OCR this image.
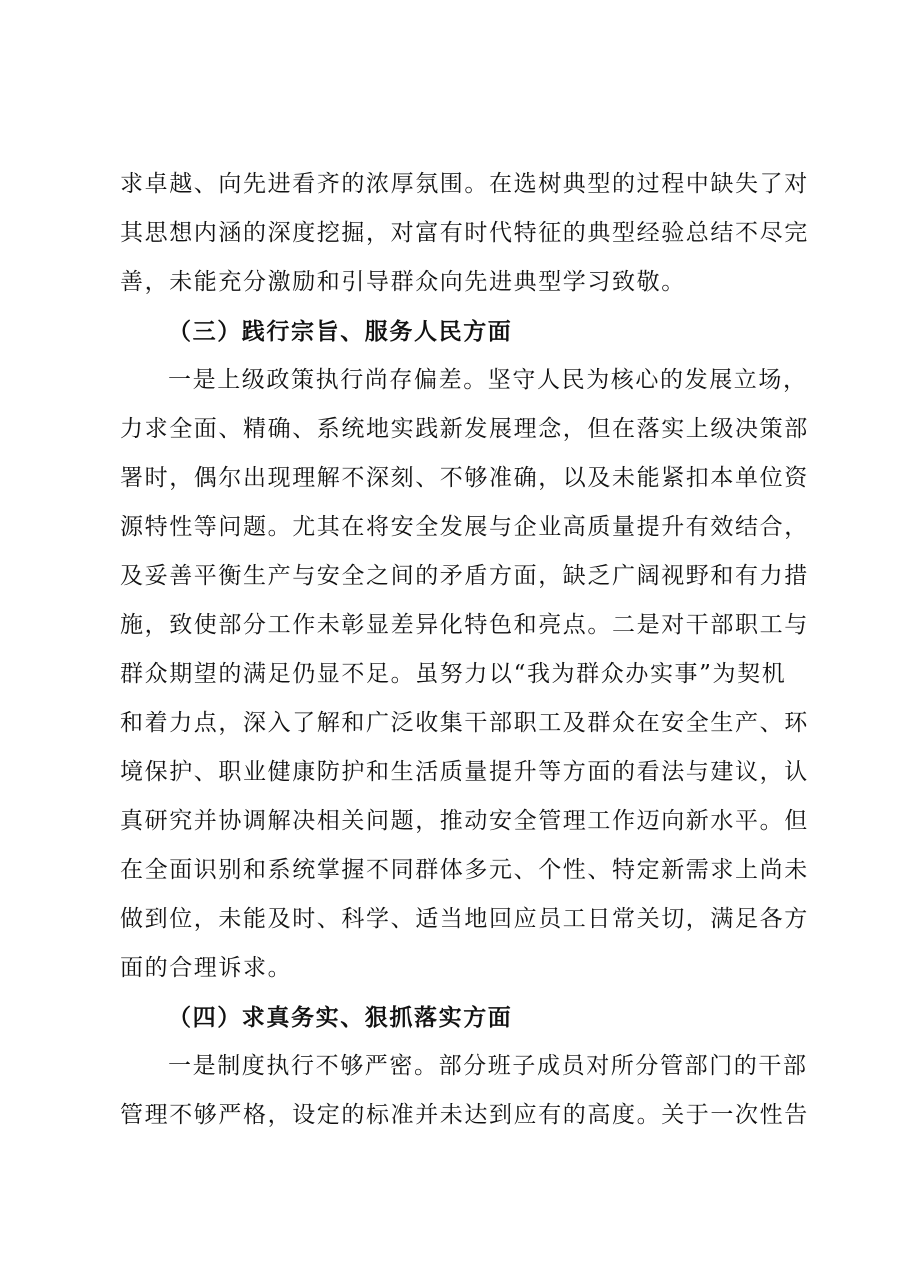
求卓越、向先进看齐的浓厚氛围。在选树典型的过程中缺失了对
其思想内涵的深度挖掘，对富有时代特征的典型经验总结不尽完
善，未能充分激励和引导群众向先进典型学习致敬。
（三）践行宗旨、服务人民方面
一是上级政策执行尚存偏差。坚守人民为核心的发展立场，
力求全面、精确、系统地实践新发展理念，但在落实上级决策部
署时，偶尔出现理解不深刻、不够准确，以及未能紧扣本单位资
源特性等问题。尤其在将安全发展与企业高质量提升有效结合，
及妥善平衡生产与安全之间的矛盾方面，缺乏广阔视野和有力措
施，致使部分工作未彰显差异化特色和亮点。二是对干部职工与
群众期望的满足仍显不足。虽努力以“我为群众办实事”为契机
和着力点，深入了解和广泛收集干部职工及群众在安全生产、环
境保护、职业健康防护和生活质量提升等方面的看法与建议，认
真研究并协调解决相关问题，推动安全管理工作迈向新水平。但
在全面识别和系统掌握不同群体多元、个性、特定新需求上尚未
做到位，未能及时、科学、适当地回应员工日常关切，满足各方
面的合理诉求。
（四）求真务实、狠抓落实方面
一是制度执行不够严密。部分班子成员对所分管部门的干部
管理不够严格，设定的标准并未达到应有的高度。关于一次性告
